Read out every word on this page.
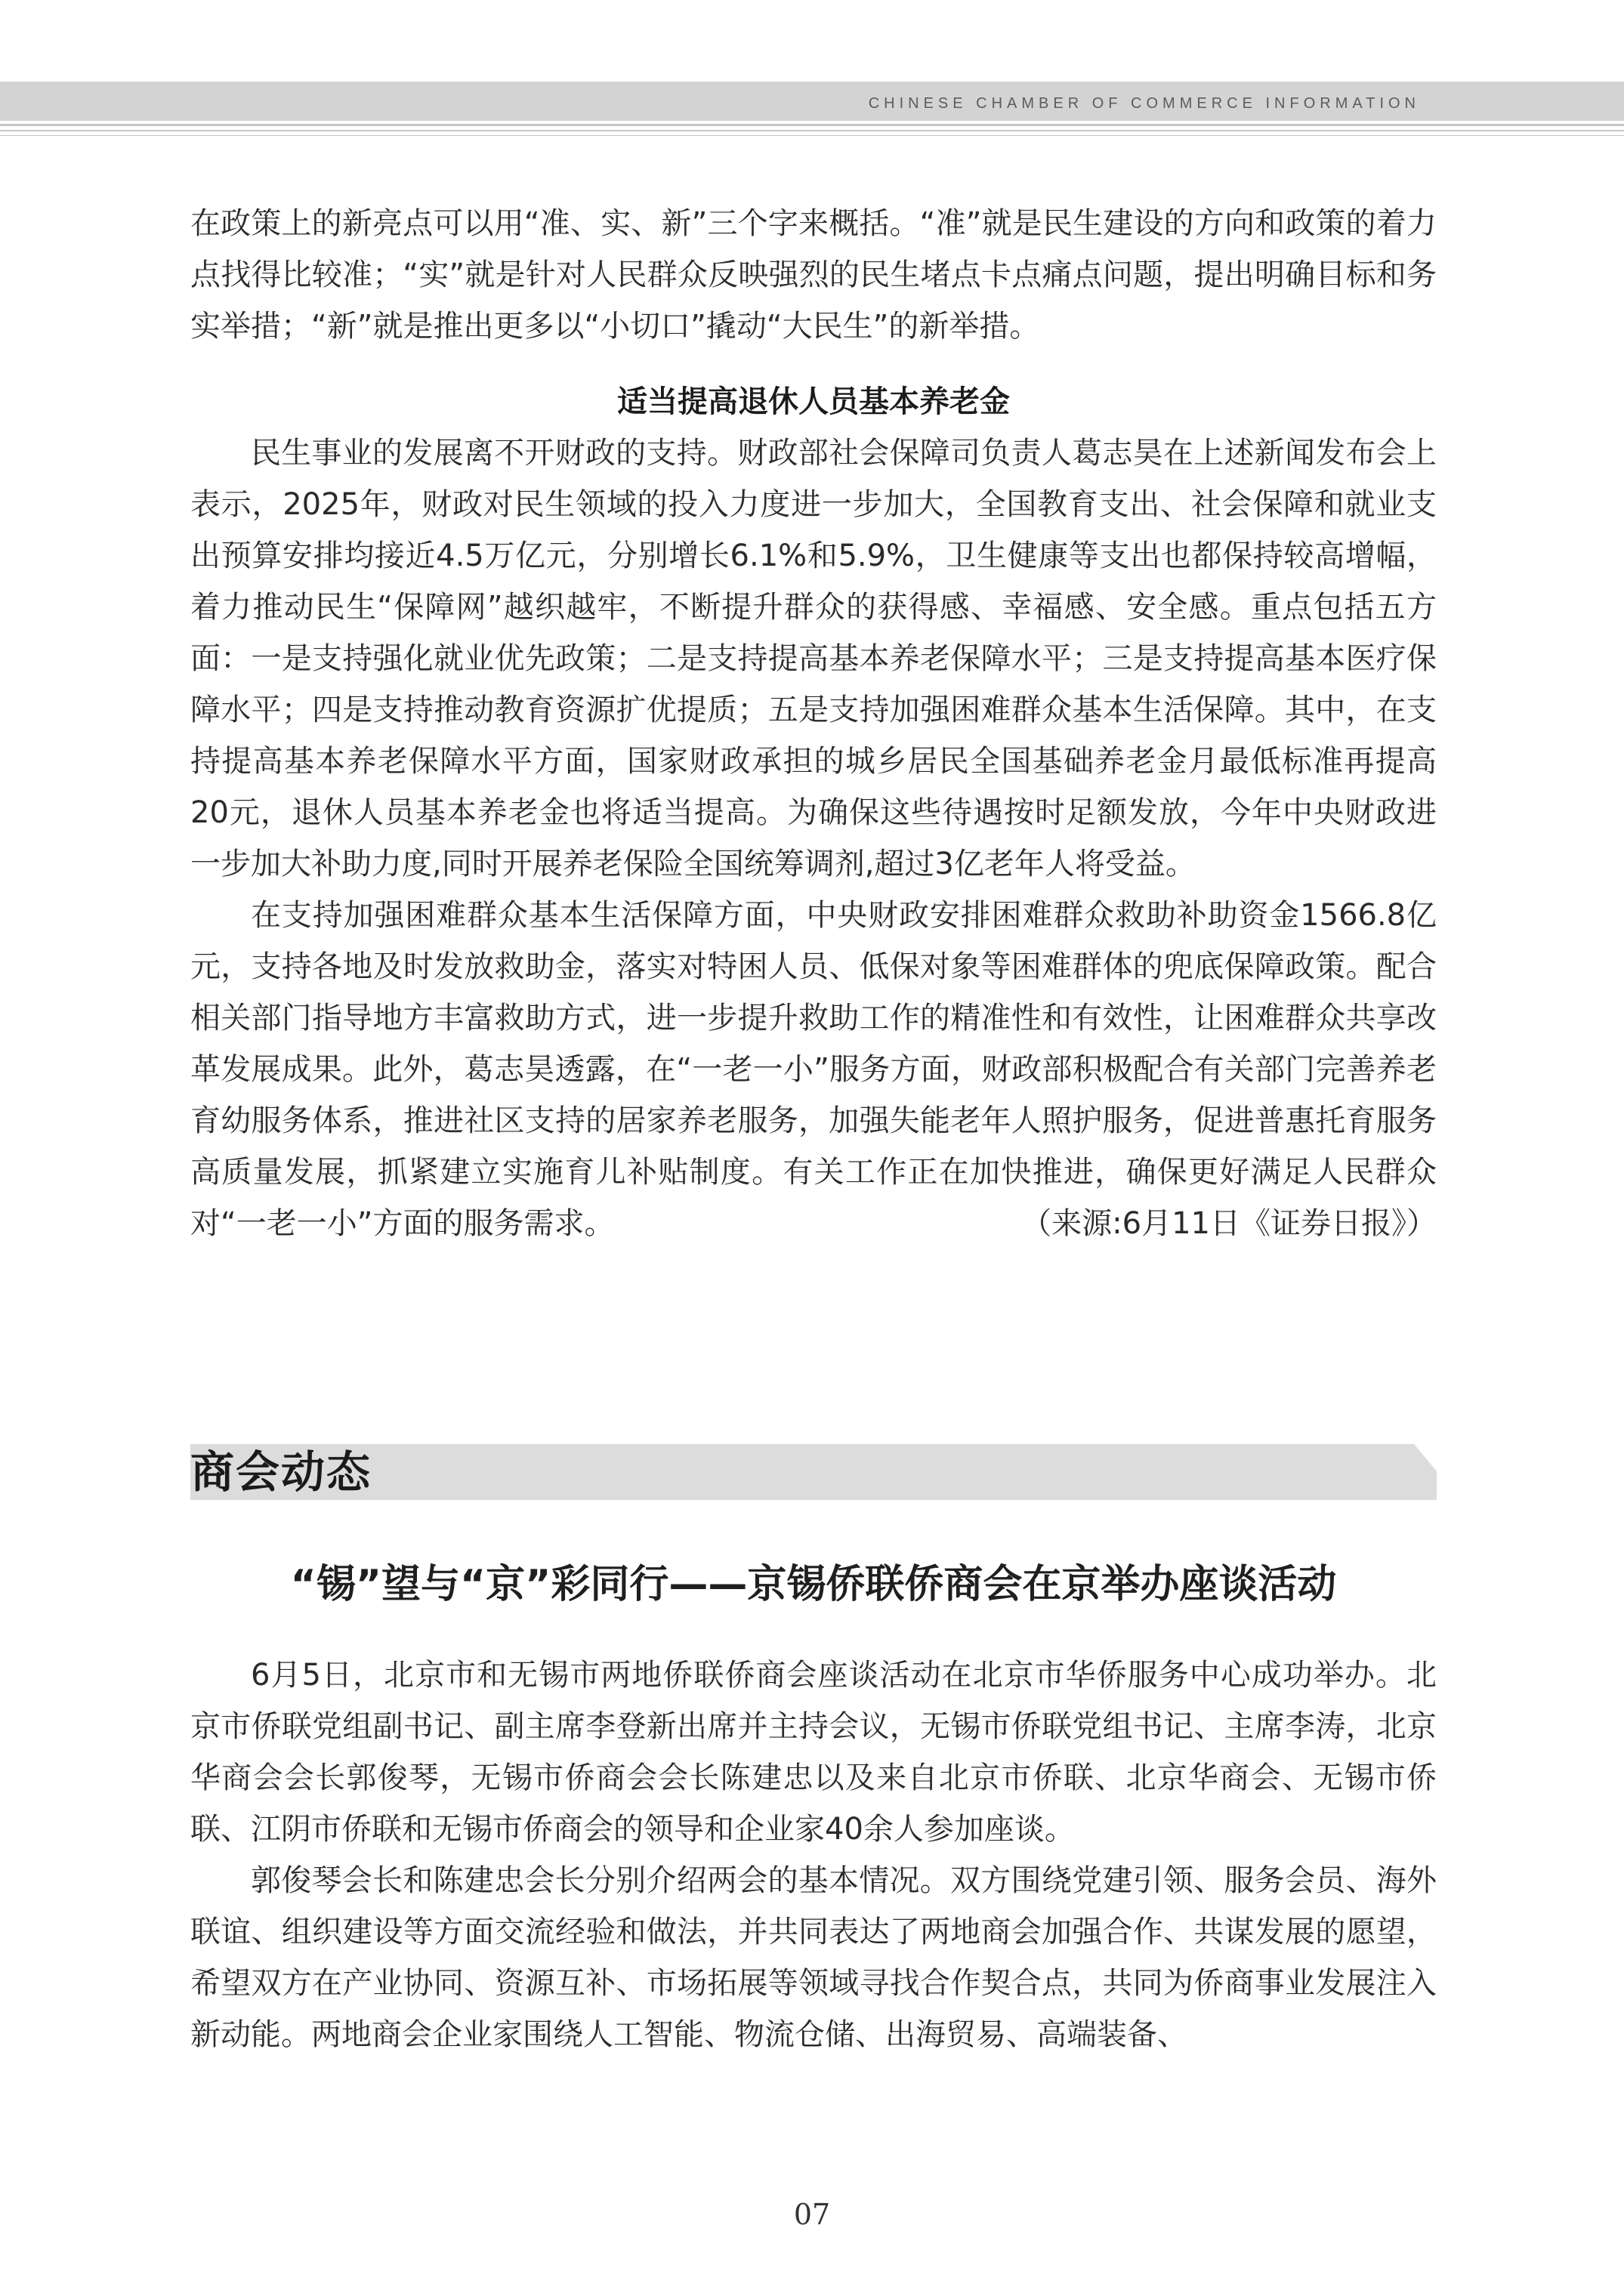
CHINESE CHAMBER OF COMMERCE INFORMATION

在政策上的新亮点可以用“准、实、新”三个字来概括。“准”就是民生建设的方向和政策的着力点找得比较准；“实”就是针对人民群众反映强烈的民生堵点卡点痛点问题，提出明确目标和务实举措；“新”就是推出更多以“小切口”撬动“大民生”的新举措。

适当提高退休人员基本养老金

民生事业的发展离不开财政的支持。财政部社会保障司负责人葛志昊在上述新闻发布会上表示，2025年，财政对民生领域的投入力度进一步加大，全国教育支出、社会保障和就业支出预算安排均接近4.5万亿元，分别增长6.1%和5.9%，卫生健康等支出也都保持较高增幅，着力推动民生“保障网”越织越牢，不断提升群众的获得感、幸福感、安全感。重点包括五方面：一是支持强化就业优先政策；二是支持提高基本养老保障水平；三是支持提高基本医疗保障水平；四是支持推动教育资源扩优提质；五是支持加强困难群众基本生活保障。其中，在支持提高基本养老保障水平方面，国家财政承担的城乡居民全国基础养老金月最低标准再提高20元，退休人员基本养老金也将适当提高。为确保这些待遇按时足额发放，今年中央财政进一步加大补助力度,同时开展养老保险全国统筹调剂,超过3亿老年人将受益。

在支持加强困难群众基本生活保障方面，中央财政安排困难群众救助补助资金1566.8亿元，支持各地及时发放救助金，落实对特困人员、低保对象等困难群体的兜底保障政策。配合相关部门指导地方丰富救助方式，进一步提升救助工作的精准性和有效性，让困难群众共享改革发展成果。此外，葛志昊透露，在“一老一小”服务方面，财政部积极配合有关部门完善养老育幼服务体系，推进社区支持的居家养老服务，加强失能老年人照护服务，促进普惠托育服务高质量发展，抓紧建立实施育儿补贴制度。有关工作正在加快推进，确保更好满足人民群众对“一老一小”方面的服务需求。	（来源:6月11日《证券日报》）

商会动态
“锡”望与“京”彩同行——京锡侨联侨商会在京举办座谈活动

6月5日，北京市和无锡市两地侨联侨商会座谈活动在北京市华侨服务中心成功举办。北京市侨联党组副书记、副主席李登新出席并主持会议，无锡市侨联党组书记、主席李涛，北京华商会会长郭俊琴，无锡市侨商会会长陈建忠以及来自北京市侨联、北京华商会、无锡市侨联、江阴市侨联和无锡市侨商会的领导和企业家40余人参加座谈。

郭俊琴会长和陈建忠会长分别介绍两会的基本情况。双方围绕党建引领、服务会员、海外联谊、组织建设等方面交流经验和做法，并共同表达了两地商会加强合作、共谋发展的愿望，希望双方在产业协同、资源互补、市场拓展等领域寻找合作契合点，共同为侨商事业发展注入新动能。两地商会企业家围绕人工智能、物流仓储、出海贸易、高端装备、

07
